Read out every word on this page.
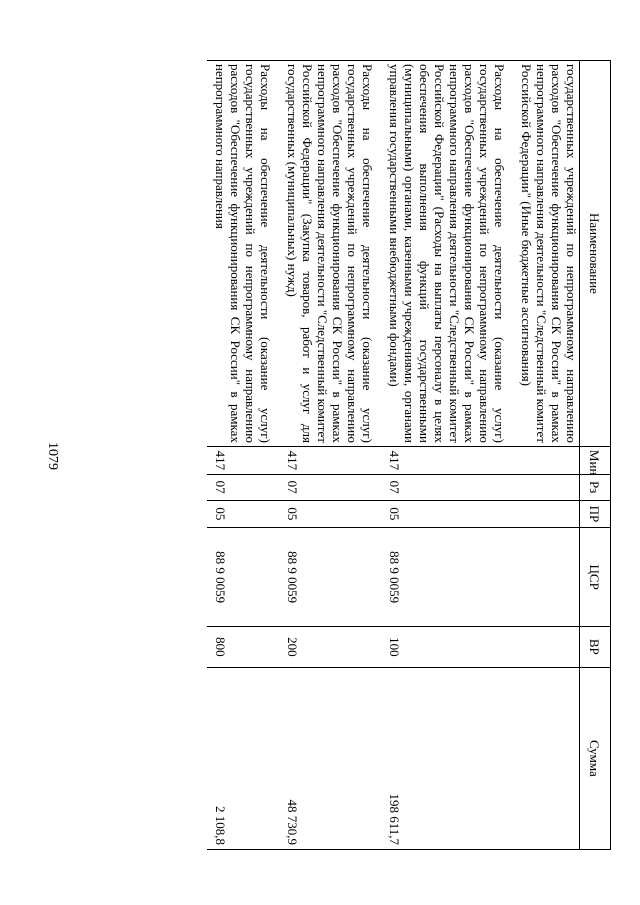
1079
Наименование	Мин	Рз	ПР	ЦСР	ВР	Сумма
государственных учреждений по непрограммному направлению расходов "Обеспечение функционирования СК России" в рамках непрограммного направления деятельности "Следственный комитет Российской Федерации" (Иные бюджетные ассигнования)						
Расходы на обеспечение деятельности (оказание услуг) государственных учреждений по непрограммному направлению расходов "Обеспечение функционирования СК России" в рамках непрограммного направления деятельности "Следственный комитет Российской Федерации" (Расходы на выплаты персоналу в целях обеспечения выполнения функций государственными (муниципальными) органами, казенными учреждениями, органами управления государственными внебюджетными фондами)	417	07	05	88 9 0059	100	198 611,7
Расходы на обеспечение деятельности (оказание услуг) государственных учреждений по непрограммному направлению расходов "Обеспечение функционирования СК России" в рамках непрограммного направления деятельности "Следственный комитет Российской Федерации" (Закупка товаров, работ и услуг для государственных (муниципальных) нужд)	417	07	05	88 9 0059	200	48 730,9
Расходы на обеспечение деятельности (оказание услуг) государственных учреждений по непрограммному направлению расходов "Обеспечение функционирования СК России" в рамках непрограммного направления	417	07	05	88 9 0059	800	2 108,8
